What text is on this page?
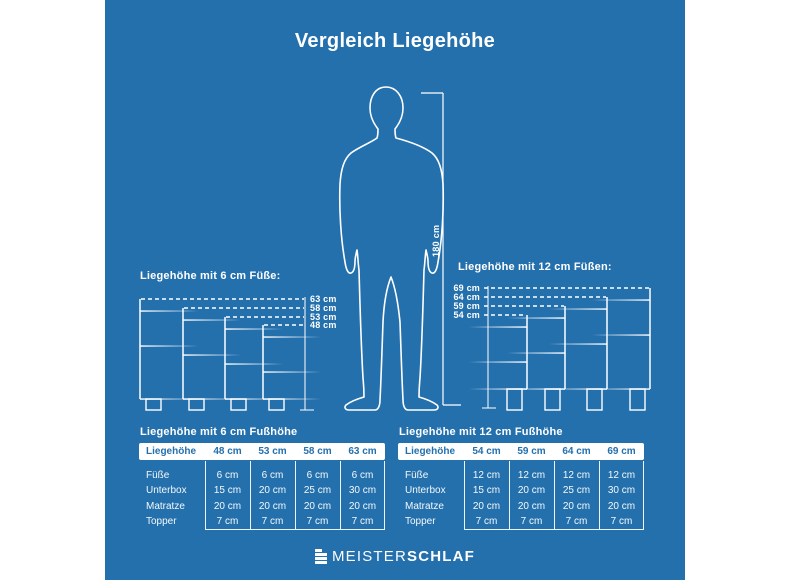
Vergleich Liegehöhe
180 cm
63 cm
58 cm
53 cm
48 cm
69 cm
64 cm
59 cm
54 cm
Liegehöhe mit 6 cm Füße:
Liegehöhe mit 12 cm Füßen:
Liegehöhe mit 6 cm Fußhöhe
Liegehöhe	48 cm	53 cm	58 cm	63 cm
Füße	6 cm	6 cm	6 cm	6 cm
Unterbox	15 cm	20 cm	25 cm	30 cm
Matratze	20 cm	20 cm	20 cm	20 cm
Topper	7 cm	7 cm	7 cm	7 cm
Liegehöhe mit 12 cm Fußhöhe
Liegehöhe	54 cm	59 cm	64 cm	69 cm
Füße	12 cm	12 cm	12 cm	12 cm
Unterbox	15 cm	20 cm	25 cm	30 cm
Matratze	20 cm	20 cm	20 cm	20 cm
Topper	7 cm	7 cm	7 cm	7 cm
MEISTERSCHLAF
